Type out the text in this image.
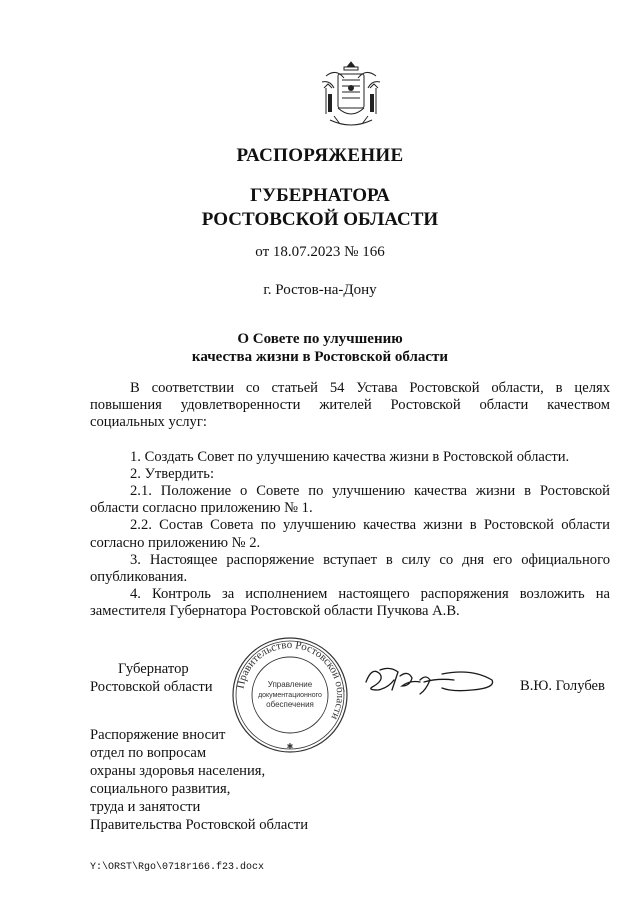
РАСПОРЯЖЕНИЕ
ГУБЕРНАТОРА
РОСТОВСКОЙ ОБЛАСТИ
от 18.07.2023 № 166
г. Ростов-на-Дону
О Совете по улучшению
качества жизни в Ростовской области

В соответствии со статьей 54 Устава Ростовской области, в целях повышения удовлетворенности жителей Ростовской области качеством социальных услуг:

1. Создать Совет по улучшению качества жизни в Ростовской области.

2. Утвердить:

2.1. Положение о Совете по улучшению качества жизни в Ростовской области согласно приложению № 1.

2.2. Состав Совета по улучшению качества жизни в Ростовской области согласно приложению № 2.

3. Настоящее распоряжение вступает в силу со дня его официального опубликования.

4. Контроль за исполнением настоящего распоряжения возложить на заместителя Губернатора Ростовской области Пучкова А.В.

Губернатор
Ростовской области Правительство Ростовской области
Управление
документационного
обеспечения
✱
В.Ю. Голубев
Распоряжение вносит
отдел по вопросам
охраны здоровья населения,
социального развития,
труда и занятости
Правительства Ростовской области
Y:\ORST\Rgo\0718r166.f23.docx
